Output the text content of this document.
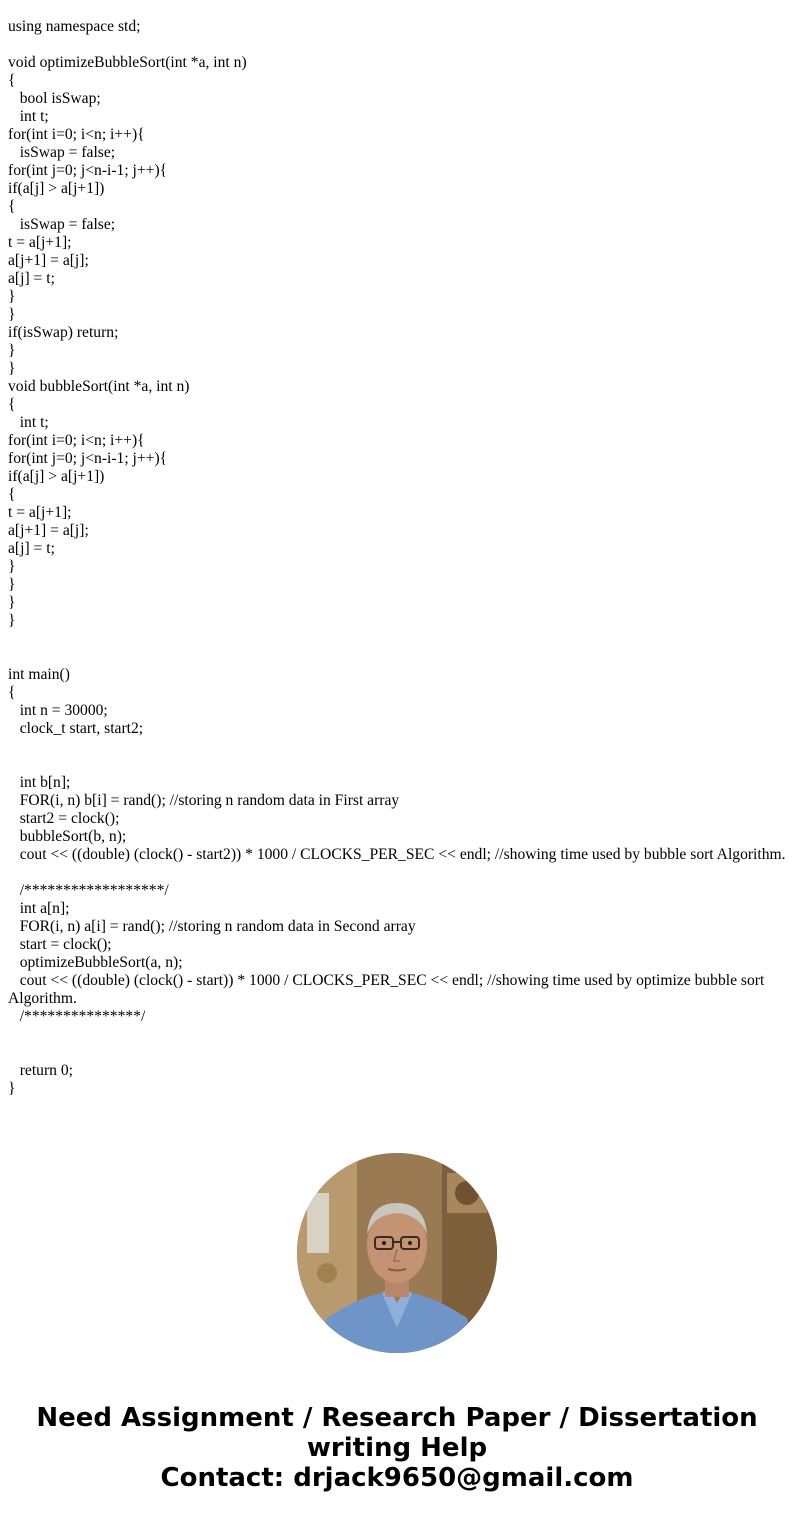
using namespace std;
void optimizeBubbleSort(int *a, int n)
{
bool isSwap;
int t;
for(int i=0; i<n; i++){
isSwap = false;
for(int j=0; j<n-i-1; j++){
if(a[j] > a[j+1])
{
isSwap = false;
t = a[j+1];
a[j+1] = a[j];
a[j] = t;
}
}
if(isSwap) return;
}
}
void bubbleSort(int *a, int n)
{
int t;
for(int i=0; i<n; i++){
for(int j=0; j<n-i-1; j++){
if(a[j] > a[j+1])
{
t = a[j+1];
a[j+1] = a[j];
a[j] = t;
}
}
}
}
int main()
{
int n = 30000;
clock_t start, start2;
int b[n];
FOR(i, n) b[i] = rand(); //storing n random data in First array
start2 = clock();
bubbleSort(b, n);
cout << ((double) (clock() - start2)) * 1000 / CLOCKS_PER_SEC << endl; //showing time used by bubble sort Algorithm.
/******************/
int a[n];
FOR(i, n) a[i] = rand(); //storing n random data in Second array
start = clock();
optimizeBubbleSort(a, n);
cout << ((double) (clock() - start)) * 1000 / CLOCKS_PER_SEC << endl; //showing time used by optimize bubble sort Algorithm.
/***************/
return 0;
}
Need Assignment / Research Paper / Dissertation
writing Help
Contact: drjack9650@gmail.com
